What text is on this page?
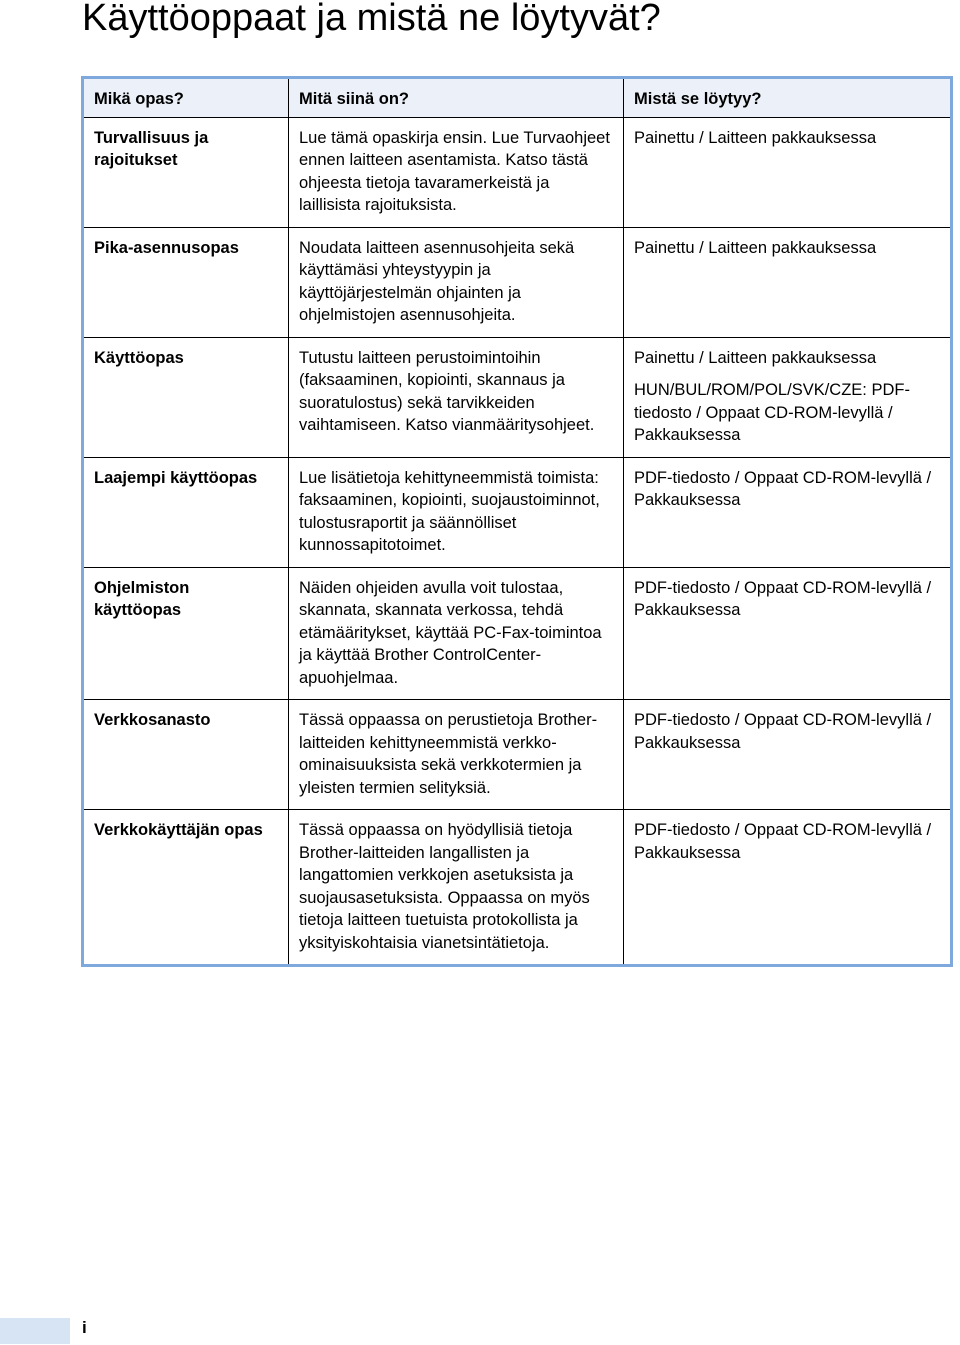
Käyttöoppaat ja mistä ne löytyvät?
Mikä opas?	Mitä siinä on?	Mistä se löytyy?
Turvallisuus ja rajoitukset	Lue tämä opaskirja ensin. Lue Turvaohjeet ennen laitteen asentamista. Katso tästä ohjeesta tietoja tavaramerkeistä ja laillisista rajoituksista.	Painettu / Laitteen pakkauksessa

Pika-asennusopas	Noudata laitteen asennusohjeita sekä käyttämäsi yhteystyypin ja käyttöjärjestelmän ohjainten ja ohjelmistojen asennusohjeita.	Painettu / Laitteen pakkauksessa

Käyttöopas	Tutustu laitteen perustoimintoihin (faksaaminen, kopiointi, skannaus ja suoratulostus) sekä tarvikkeiden vaihtamiseen. Katso vianmääritysohjeet.	Painettu / Laitteen pakkauksessa
HUN/BUL/ROM/POL/SVK/CZE: PDF-tiedosto / Oppaat CD-ROM-levyllä / Pakkauksessa

Laajempi käyttöopas	Lue lisätietoja kehittyneemmistä toimista: faksaaminen, kopiointi, suojaustoiminnot, tulostusraportit ja säännölliset kunnossapitotoimet.	PDF-tiedosto / Oppaat CD-ROM-levyllä / Pakkauksessa

Ohjelmiston käyttöopas	Näiden ohjeiden avulla voit tulostaa, skannata, skannata verkossa, tehdä etämääritykset, käyttää PC-Fax-toimintoa ja käyttää Brother ControlCenter-apuohjelmaa.	PDF-tiedosto / Oppaat CD-ROM-levyllä / Pakkauksessa

Verkkosanasto	Tässä oppaassa on perustietoja Brother-laitteiden kehittyneemmistä verkko-ominaisuuksista sekä verkkotermien ja yleisten termien selityksiä.	PDF-tiedosto / Oppaat CD-ROM-levyllä / Pakkauksessa

Verkkokäyttäjän opas	Tässä oppaassa on hyödyllisiä tietoja Brother-laitteiden langallisten ja langattomien verkkojen asetuksista ja suojausasetuksista. Oppaassa on myös tietoja laitteen tuetuista protokollista ja yksityiskohtaisia vianetsintätietoja.	PDF-tiedosto / Oppaat CD-ROM-levyllä / Pakkauksessa
i
